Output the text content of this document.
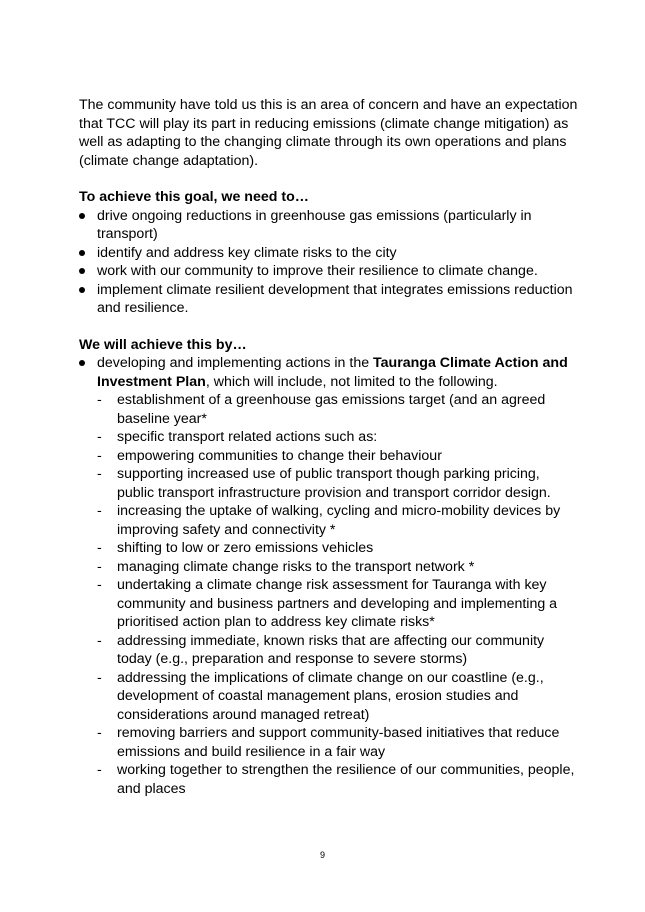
The community have told us this is an area of concern and have an expectation that TCC will play its part in reducing emissions (climate change mitigation) as well as adapting to the changing climate through its own operations and plans (climate change adaptation).

To achieve this goal, we need to…

drive ongoing reductions in greenhouse gas emissions (particularly in transport)
identify and address key climate risks to the city
work with our community to improve their resilience to climate change.
implement climate resilient development that integrates emissions reduction and resilience.

We will achieve this by…

developing and implementing actions in the Tauranga Climate Action and Investment Plan, which will include, not limited to the following.
- establishment of a greenhouse gas emissions target (and an agreed baseline year*
- specific transport related actions such as:
- empowering communities to change their behaviour
- supporting increased use of public transport though parking pricing, public transport infrastructure provision and transport corridor design.
- increasing the uptake of walking, cycling and micro-mobility devices by improving safety and connectivity *
- shifting to low or zero emissions vehicles
- managing climate change risks to the transport network *
- undertaking a climate change risk assessment for Tauranga with key community and business partners and developing and implementing a prioritised action plan to address key climate risks*
- addressing immediate, known risks that are affecting our community today (e.g., preparation and response to severe storms)
- addressing the implications of climate change on our coastline (e.g., development of coastal management plans, erosion studies and considerations around managed retreat)
- removing barriers and support community-based initiatives that reduce emissions and build resilience in a fair way
- working together to strengthen the resilience of our communities, people, and places
9
